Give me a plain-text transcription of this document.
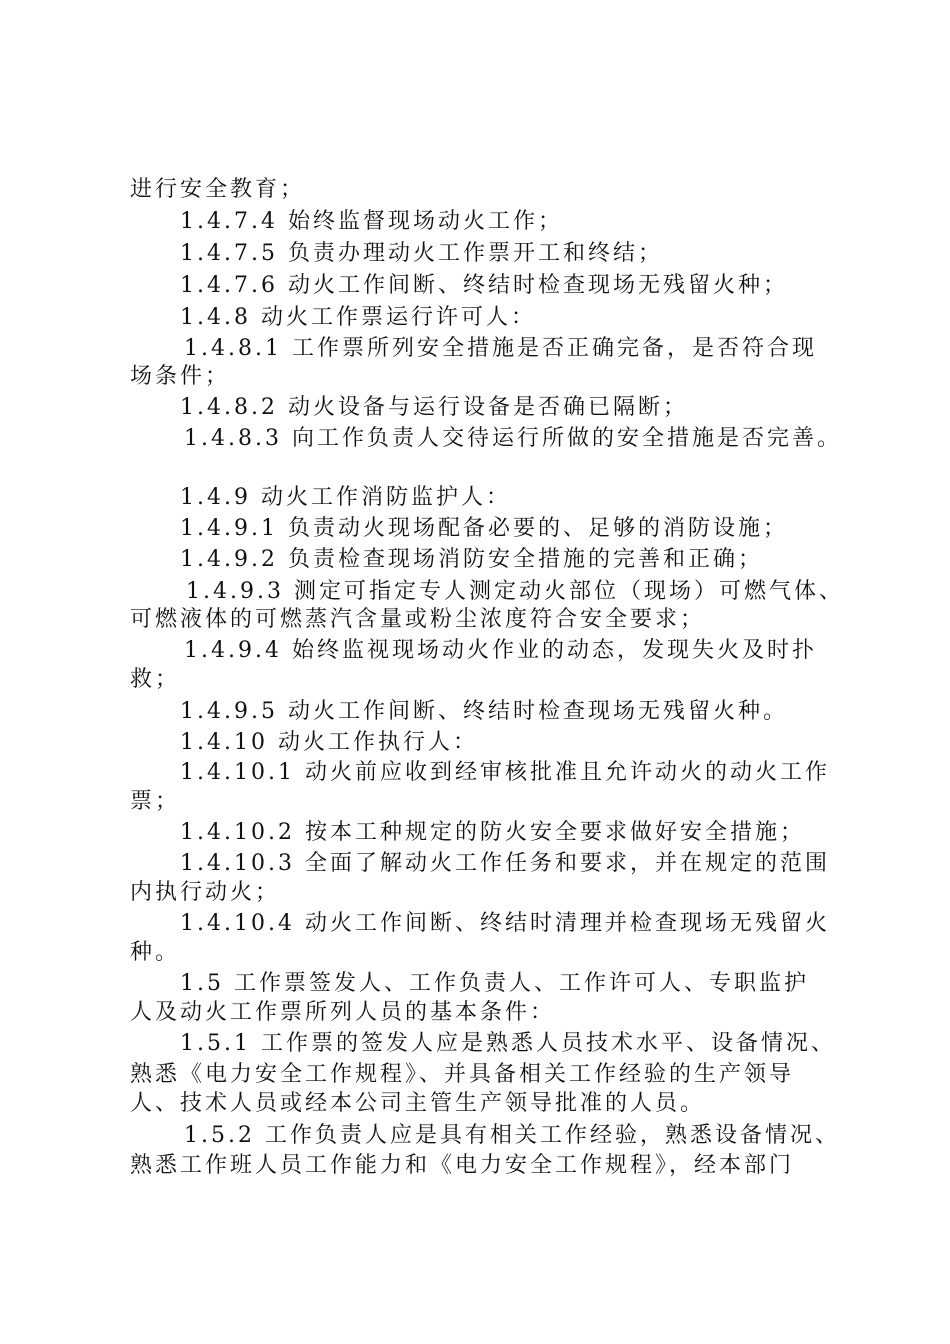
进行安全教育；
1.4.7.4 始终监督现场动火工作；
1.4.7.5 负责办理动火工作票开工和终结；
1.4.7.6 动火工作间断、终结时检查现场无残留火种；
1.4.8 动火工作票运行许可人：
1.4.8.1 工作票所列安全措施是否正确完备，是否符合现
场条件；
1.4.8.2 动火设备与运行设备是否确已隔断；
1.4.8.3 向工作负责人交待运行所做的安全措施是否完善。
1.4.9 动火工作消防监护人：
1.4.9.1 负责动火现场配备必要的、足够的消防设施；
1.4.9.2 负责检查现场消防安全措施的完善和正确；
1.4.9.3 测定可指定专人测定动火部位（现场）可燃气体、
可燃液体的可燃蒸汽含量或粉尘浓度符合安全要求；
1.4.9.4 始终监视现场动火作业的动态，发现失火及时扑
救；
1.4.9.5 动火工作间断、终结时检查现场无残留火种。
1.4.10 动火工作执行人：
1.4.10.1 动火前应收到经审核批准且允许动火的动火工作
票；
1.4.10.2 按本工种规定的防火安全要求做好安全措施；
1.4.10.3 全面了解动火工作任务和要求，并在规定的范围
内执行动火；
1.4.10.4 动火工作间断、终结时清理并检查现场无残留火
种。
1.5 工作票签发人、工作负责人、工作许可人、专职监护
人及动火工作票所列人员的基本条件：
1.5.1 工作票的签发人应是熟悉人员技术水平、设备情况、
熟悉《电力安全工作规程》、并具备相关工作经验的生产领导
人、技术人员或经本公司主管生产领导批准的人员。
1.5.2 工作负责人应是具有相关工作经验，熟悉设备情况、
熟悉工作班人员工作能力和《电力安全工作规程》，经本部门
